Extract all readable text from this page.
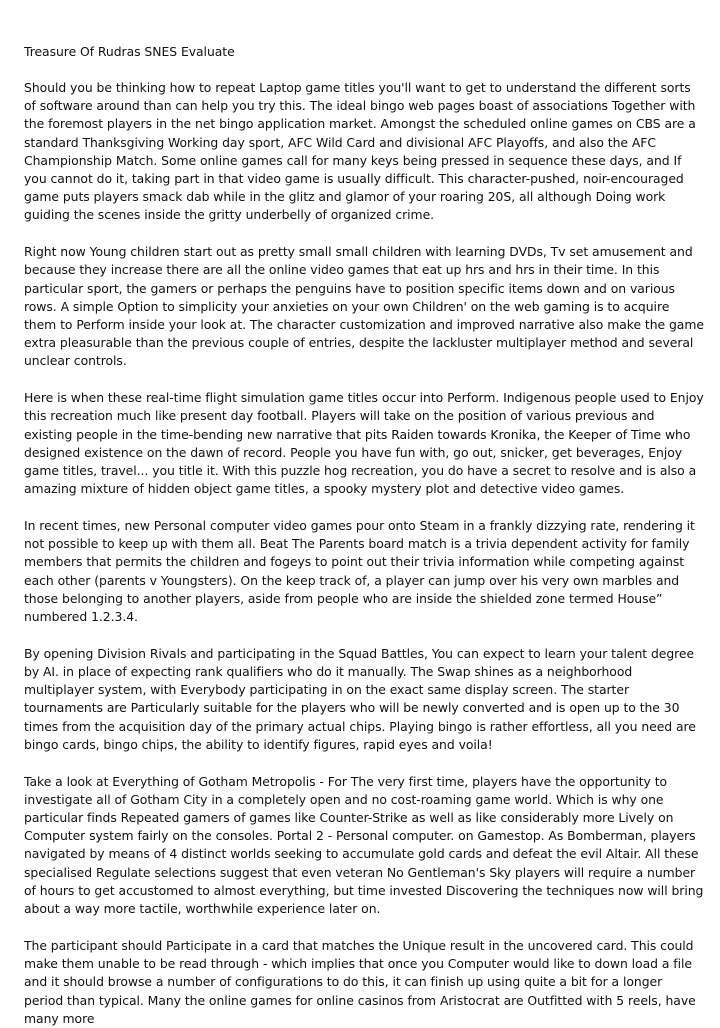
Treasure Of Rudras SNES Evaluate

Should you be thinking how to repeat Laptop game titles you'll want to get to understand the different sorts of software around than can help you try this. The ideal bingo web pages boast of associations Together with the foremost players in the net bingo application market. Amongst the scheduled online games on CBS are a standard Thanksgiving Working day sport, AFC Wild Card and divisional AFC Playoffs, and also the AFC Championship Match. Some online games call for many keys being pressed in sequence these days, and If you cannot do it, taking part in that video game is usually difficult. This character-pushed, noir-encouraged game puts players smack dab while in the glitz and glamor of your roaring 20S, all although Doing work guiding the scenes inside the gritty underbelly of organized crime.

Right now Young children start out as pretty small small children with learning DVDs, Tv set amusement and because they increase there are all the online video games that eat up hrs and hrs in their time. In this particular sport, the gamers or perhaps the penguins have to position specific items down and on various rows. A simple Option to simplicity your anxieties on your own Children' on the web gaming is to acquire them to Perform inside your look at. The character customization and improved narrative also make the game extra pleasurable than the previous couple of entries, despite the lackluster multiplayer method and several unclear controls.

Here is when these real-time flight simulation game titles occur into Perform. Indigenous people used to Enjoy this recreation much like present day football. Players will take on the position of various previous and existing people in the time-bending new narrative that pits Raiden towards Kronika, the Keeper of Time who designed existence on the dawn of record. People you have fun with, go out, snicker, get beverages, Enjoy game titles, travel... you title it. With this puzzle hog recreation, you do have a secret to resolve and is also a amazing mixture of hidden object game titles, a spooky mystery plot and detective video games.

In recent times, new Personal computer video games pour onto Steam in a frankly dizzying rate, rendering it not possible to keep up with them all. Beat The Parents board match is a trivia dependent activity for family members that permits the children and fogeys to point out their trivia information while competing against each other (parents v Youngsters). On the keep track of, a player can jump over his very own marbles and those belonging to another players, aside from people who are inside the shielded zone termed House” numbered 1.2.3.4.

By opening Division Rivals and participating in the Squad Battles, You can expect to learn your talent degree by AI. in place of expecting rank qualifiers who do it manually. The Swap shines as a neighborhood multiplayer system, with Everybody participating in on the exact same display screen. The starter tournaments are Particularly suitable for the players who will be newly converted and is open up to the 30 times from the acquisition day of the primary actual chips. Playing bingo is rather effortless, all you need are bingo cards, bingo chips, the ability to identify figures, rapid eyes and voila!

Take a look at Everything of Gotham Metropolis - For The very first time, players have the opportunity to investigate all of Gotham City in a completely open and no cost-roaming game world. Which is why one particular finds Repeated gamers of games like Counter-Strike as well as like considerably more Lively on Computer system fairly on the consoles. Portal 2 - Personal computer. on Gamestop. As Bomberman, players navigated by means of 4 distinct worlds seeking to accumulate gold cards and defeat the evil Altair. All these specialised Regulate selections suggest that even veteran No Gentleman's Sky players will require a number of hours to get accustomed to almost everything, but time invested Discovering the techniques now will bring about a way more tactile, worthwhile experience later on.

The participant should Participate in a card that matches the Unique result in the uncovered card. This could make them unable to be read through - which implies that once you Computer would like to down load a file and it should browse a number of configurations to do this, it can finish up using quite a bit for a longer period than typical. Many the online games for online casinos from Aristocrat are Outfitted with 5 reels, have many more
